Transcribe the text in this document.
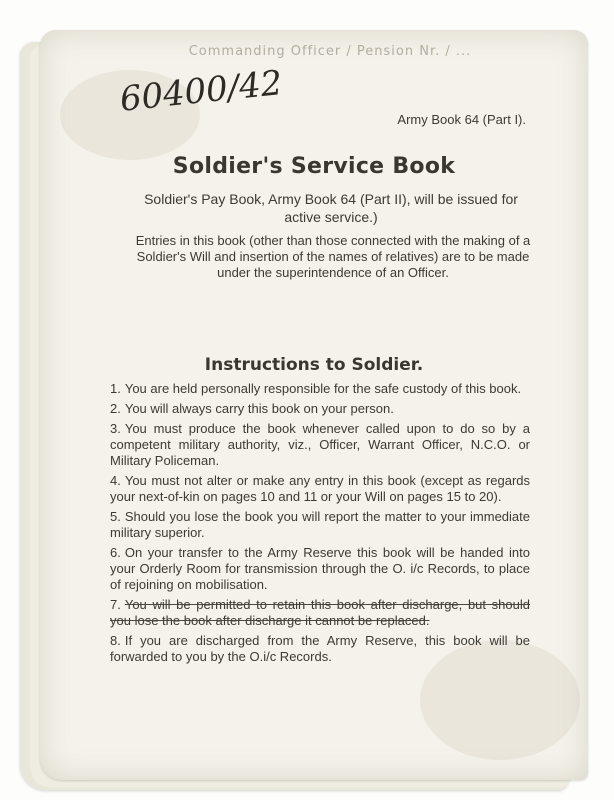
Commanding Officer / Pension Nr. / ...
60400/42	Army Book 64 (Part I).
Soldier's Service Book
Soldier's Pay Book, Army Book 64 (Part II), will be issued for active service.)
Entries in this book (other than those connected with the making of a Soldier's Will and insertion of the names of relatives) are to be made under the superintendence of an Officer.
Instructions to Soldier.
1. You are held personally responsible for the safe custody of this book.
2. You will always carry this book on your person.
3. You must produce the book whenever called upon to do so by a competent military authority, viz., Officer, Warrant Officer, N.C.O. or Military Policeman.
4. You must not alter or make any entry in this book (except as regards your next-of-kin on pages 10 and 11 or your Will on pages 15 to 20).
5. Should you lose the book you will report the matter to your immediate military superior.
6. On your transfer to the Army Reserve this book will be handed into your Orderly Room for transmission through the O. i/c Records, to place of rejoining on mobilisation.
7. You will be permitted to retain this book after discharge, but should you lose the book after discharge it cannot be replaced.
8. If you are discharged from the Army Reserve, this book will be forwarded to you by the O.i/c Records.
